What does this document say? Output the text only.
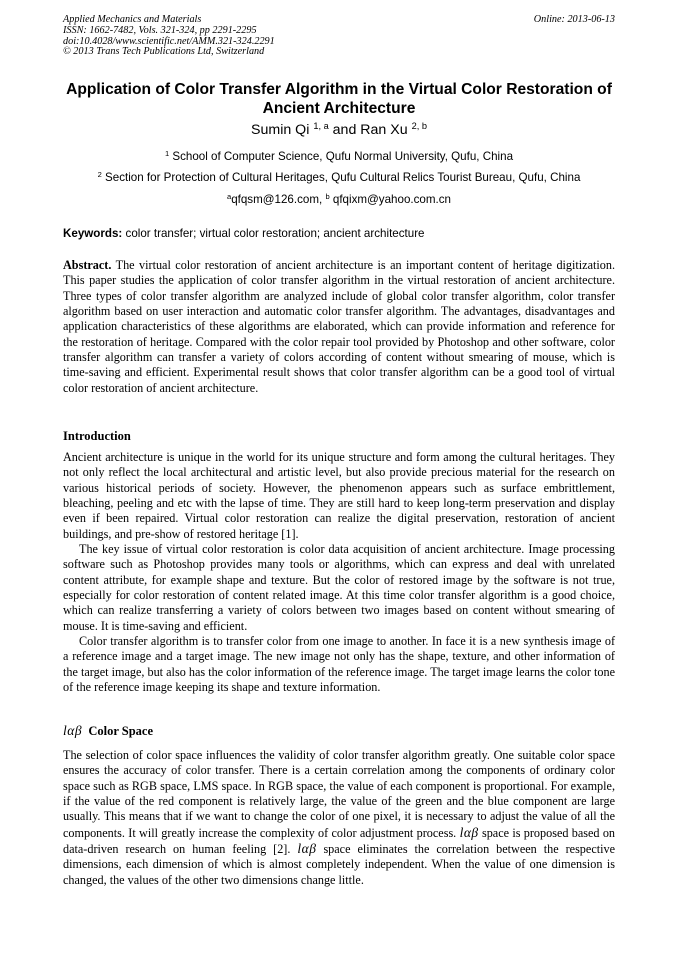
Applied Mechanics and Materials
ISSN: 1662-7482, Vols. 321-324, pp 2291-2295
doi:10.4028/www.scientific.net/AMM.321-324.2291
© 2013 Trans Tech Publications Ltd, Switzerland
Online: 2013-06-13
Application of Color Transfer Algorithm in the Virtual Color Restoration of Ancient Architecture
Sumin Qi $^{1, a}$ and Ran Xu $^{2, b}$
$^1$ School of Computer Science, Qufu Normal University, Qufu, China
$^2$ Section for Protection of Cultural Heritages, Qufu Cultural Relics Tourist Bureau, Qufu, China
$^a$qfqsm@126.com, $^b$ qfqixm@yahoo.com.cn
Keywords: color transfer; virtual color restoration; ancient architecture

Abstract. The virtual color restoration of ancient architecture is an important content of heritage digitization. This paper studies the application of color transfer algorithm in the virtual restoration of ancient architecture. Three types of color transfer algorithm are analyzed include of global color transfer algorithm, color transfer algorithm based on user interaction and automatic color transfer algorithm. The advantages, disadvantages and application characteristics of these algorithms are elaborated, which can provide information and reference for the restoration of heritage. Compared with the color repair tool provided by Photoshop and other software, color transfer algorithm can transfer a variety of colors according of content without smearing of mouse, which is time-saving and efficient. Experimental result shows that color transfer algorithm can be a good tool of virtual color restoration of ancient architecture.

Introduction

Ancient architecture is unique in the world for its unique structure and form among the cultural heritages. They not only reflect the local architectural and artistic level, but also provide precious material for the research on various historical periods of society. However, the phenomenon appears such as surface embrittlement, bleaching, peeling and etc with the lapse of time. They are still hard to keep long-term preservation and display even if been repaired. Virtual color restoration can realize the digital preservation, restoration of ancient buildings, and pre-show of restored heritage [1].

The key issue of virtual color restoration is color data acquisition of ancient architecture. Image processing software such as Photoshop provides many tools or algorithms, which can express and deal with unrelated content attribute, for example shape and texture. But the color of restored image by the software is not true, especially for color restoration of content related image. At this time color transfer algorithm is a good choice, which can realize transferring a variety of colors between two images based on content without smearing of mouse. It is time-saving and efficient.

Color transfer algorithm is to transfer color from one image to another. In face it is a new synthesis image of a reference image and a target image. The new image not only has the shape, texture, and other information of the target image, but also has the color information of the reference image. The target image learns the color tone of the reference image keeping its shape and texture information.

lαβ Color Space

The selection of color space influences the validity of color transfer algorithm greatly. One suitable color space ensures the accuracy of color transfer. There is a certain correlation among the components of ordinary color space such as RGB space, LMS space. In RGB space, the value of each component is proportional. For example, if the value of the red component is relatively large, the value of the green and the blue component are large usually. This means that if we want to change the color of one pixel, it is necessary to adjust the value of all the components. It will greatly increase the complexity of color adjustment process. lαβ space is proposed based on data-driven research on human feeling [2]. lαβ space eliminates the correlation between the respective dimensions, each dimension of which is almost completely independent. When the value of one dimension is changed, the values of the other two dimensions change little.
